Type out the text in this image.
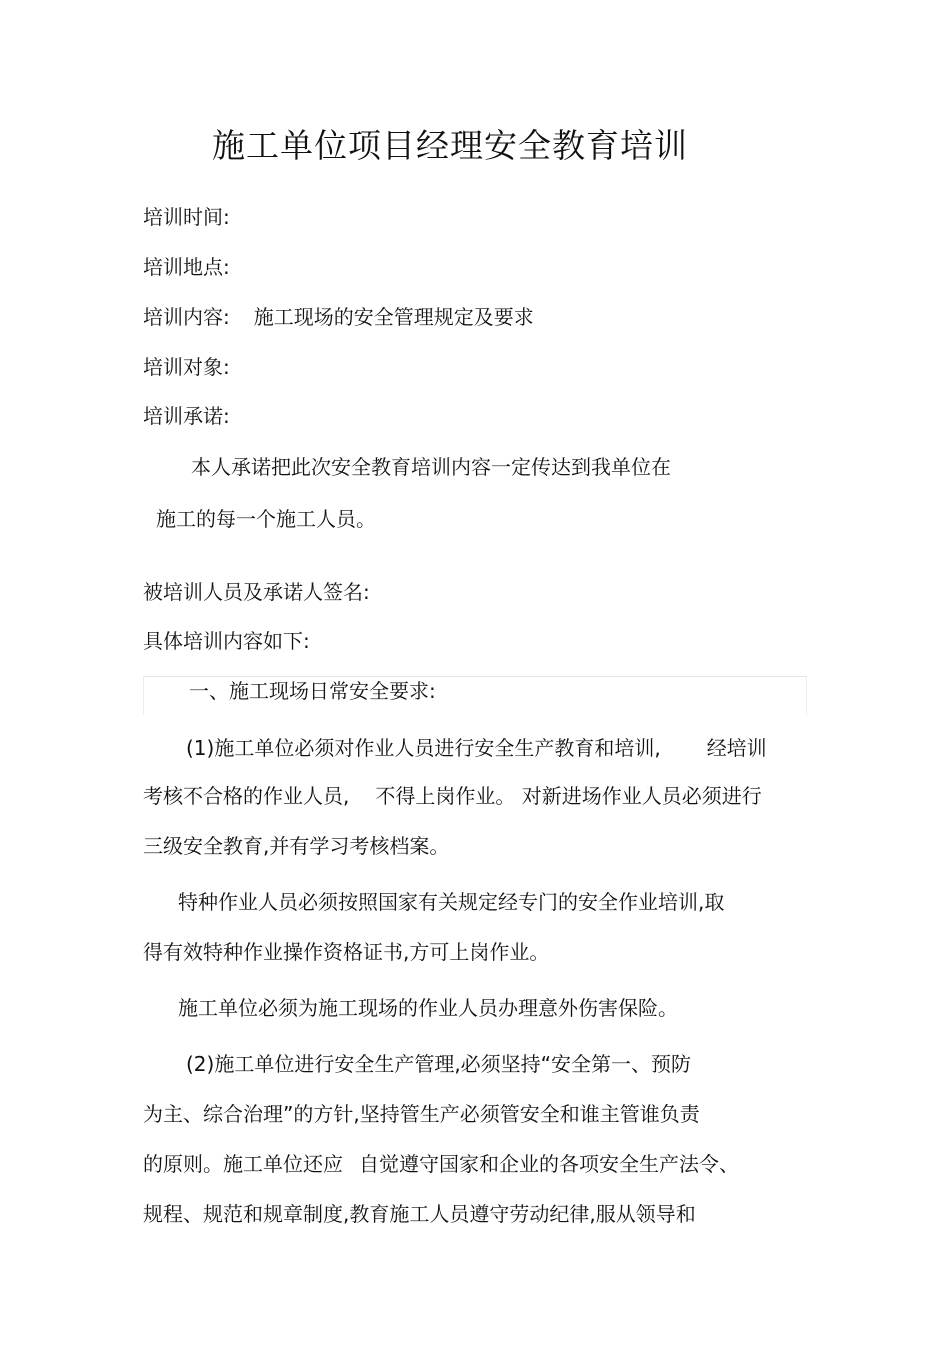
施工单位项目经理安全教育培训
培训时间:
培训地点:
培训内容: 施工现场的安全管理规定及要求
培训对象:
培训承诺:
本人承诺把此次安全教育培训内容一定传达到我单位在
施工的每一个施工人员。
被培训人员及承诺人签名:
具体培训内容如下:
一、施工现场日常安全要求:
(1)施工单位必须对作业人员进行安全生产教育和培训, 经培训
考核不合格的作业人员, 不得上岗作业。 对新进场作业人员必须进行
三级安全教育,并有学习考核档案。
特种作业人员必须按照国家有关规定经专门的安全作业培训,取
得有效特种作业操作资格证书,方可上岗作业。
施工单位必须为施工现场的作业人员办理意外伤害保险。
(2)施工单位进行安全生产管理,必须坚持“安全第一、预防
为主、综合治理”的方针,坚持管生产必须管安全和谁主管谁负责
的原则。施工单位还应 自觉遵守国家和企业的各项安全生产法令、
规程、规范和规章制度,教育施工人员遵守劳动纪律,服从领导和
